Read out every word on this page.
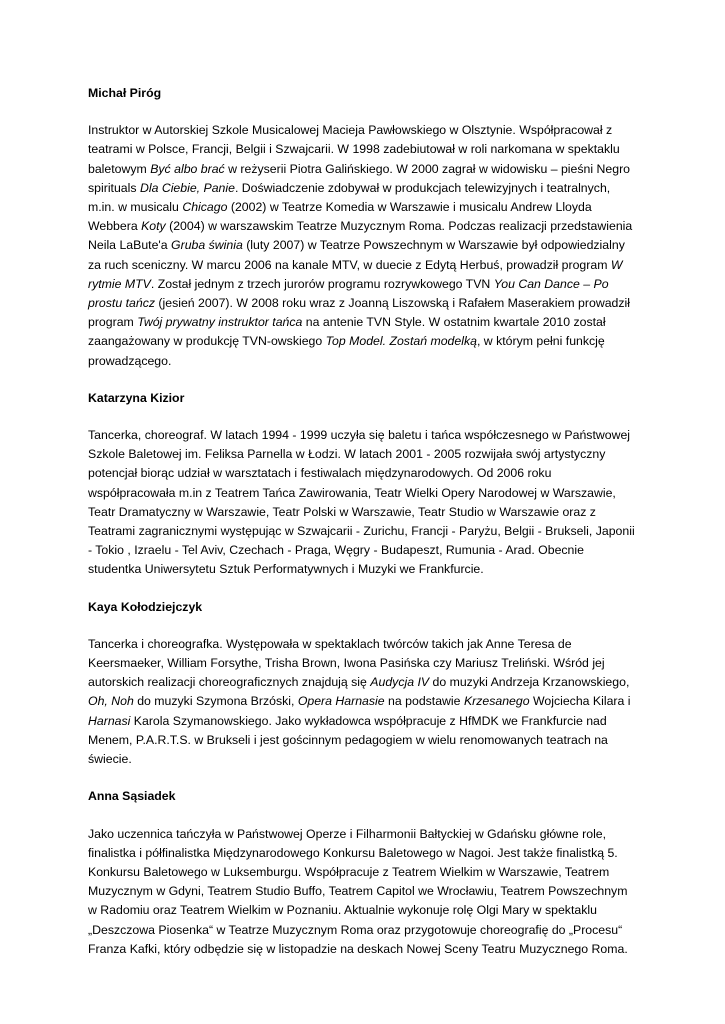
Michał Piróg

Instruktor w Autorskiej Szkole Musicalowej Macieja Pawłowskiego w Olsztynie. Współpracował z teatrami w Polsce, Francji, Belgii i Szwajcarii. W 1998 zadebiutował w roli narkomana w spektaklu baletowym Być albo brać w reżyserii Piotra Galińskiego. W 2000 zagrał w widowisku – pieśni Negro spirituals Dla Ciebie, Panie. Doświadczenie zdobywał w produkcjach telewizyjnych i teatralnych, m.in. w musicalu Chicago (2002) w Teatrze Komedia w Warszawie i musicalu Andrew Lloyda Webbera Koty (2004) w warszawskim Teatrze Muzycznym Roma. Podczas realizacji przedstawienia Neila LaBute'a Gruba świnia (luty 2007) w Teatrze Powszechnym w Warszawie był odpowiedzialny za ruch sceniczny. W marcu 2006 na kanale MTV, w duecie z Edytą Herbuś, prowadził program W rytmie MTV. Został jednym z trzech jurorów programu rozrywkowego TVN You Can Dance – Po prostu tańcz (jesień 2007). W 2008 roku wraz z Joanną Liszowską i Rafałem Maserakiem prowadził program Twój prywatny instruktor tańca na antenie TVN Style. W ostatnim kwartale 2010 został zaangażowany w produkcję TVN-owskiego Top Model. Zostań modelką, w którym pełni funkcję prowadzącego.

Katarzyna Kizior

Tancerka, choreograf. W latach 1994 - 1999 uczyła się baletu i tańca współczesnego w Państwowej Szkole Baletowej im. Feliksa Parnella w Łodzi. W latach 2001 - 2005 rozwijała swój artystyczny potencjał biorąc udział w warsztatach i festiwalach międzynarodowych. Od 2006 roku współpracowała m.in z Teatrem Tańca Zawirowania, Teatr Wielki Opery Narodowej w Warszawie, Teatr Dramatyczny w Warszawie, Teatr Polski w Warszawie, Teatr Studio w Warszawie oraz z Teatrami zagranicznymi występując w Szwajcarii - Zurichu, Francji - Paryżu, Belgii - Brukseli, Japonii - Tokio , Izraelu - Tel Aviv, Czechach - Praga, Węgry - Budapeszt, Rumunia - Arad. Obecnie studentka Uniwersytetu Sztuk Performatywnych i Muzyki we Frankfurcie.

Kaya Kołodziejczyk

Tancerka i choreografka. Występowała w spektaklach twórców takich jak Anne Teresa de Keersmaeker, William Forsythe, Trisha Brown, Iwona Pasińska czy Mariusz Treliński. Wśród jej autorskich realizacji choreograficznych znajdują się Audycja IV do muzyki Andrzeja Krzanowskiego, Oh, Noh do muzyki Szymona Brzóski, Opera Harnasie na podstawie Krzesanego Wojciecha Kilara i Harnasi Karola Szymanowskiego. Jako wykładowca współpracuje z HfMDK we Frankfurcie nad Menem, P.A.R.T.S. w Brukseli i jest gościnnym pedagogiem w wielu renomowanych teatrach na świecie.

Anna Sąsiadek

Jako uczennica tańczyła w Państwowej Operze i Filharmonii Bałtyckiej w Gdańsku główne role, finalistka i półfinalistka Międzynarodowego Konkursu Baletowego w Nagoi. Jest także finalistką 5. Konkursu Baletowego w Luksemburgu. Współpracuje z Teatrem Wielkim w Warszawie, Teatrem Muzycznym w Gdyni, Teatrem Studio Buffo, Teatrem Capitol we Wrocławiu, Teatrem Powszechnym w Radomiu oraz Teatrem Wielkim w Poznaniu. Aktualnie wykonuje rolę Olgi Mary w spektaklu „Deszczowa Piosenka“ w Teatrze Muzycznym Roma oraz przygotowuje choreografię do „Procesu“ Franza Kafki, który odbędzie się w listopadzie na deskach Nowej Sceny Teatru Muzycznego Roma.
